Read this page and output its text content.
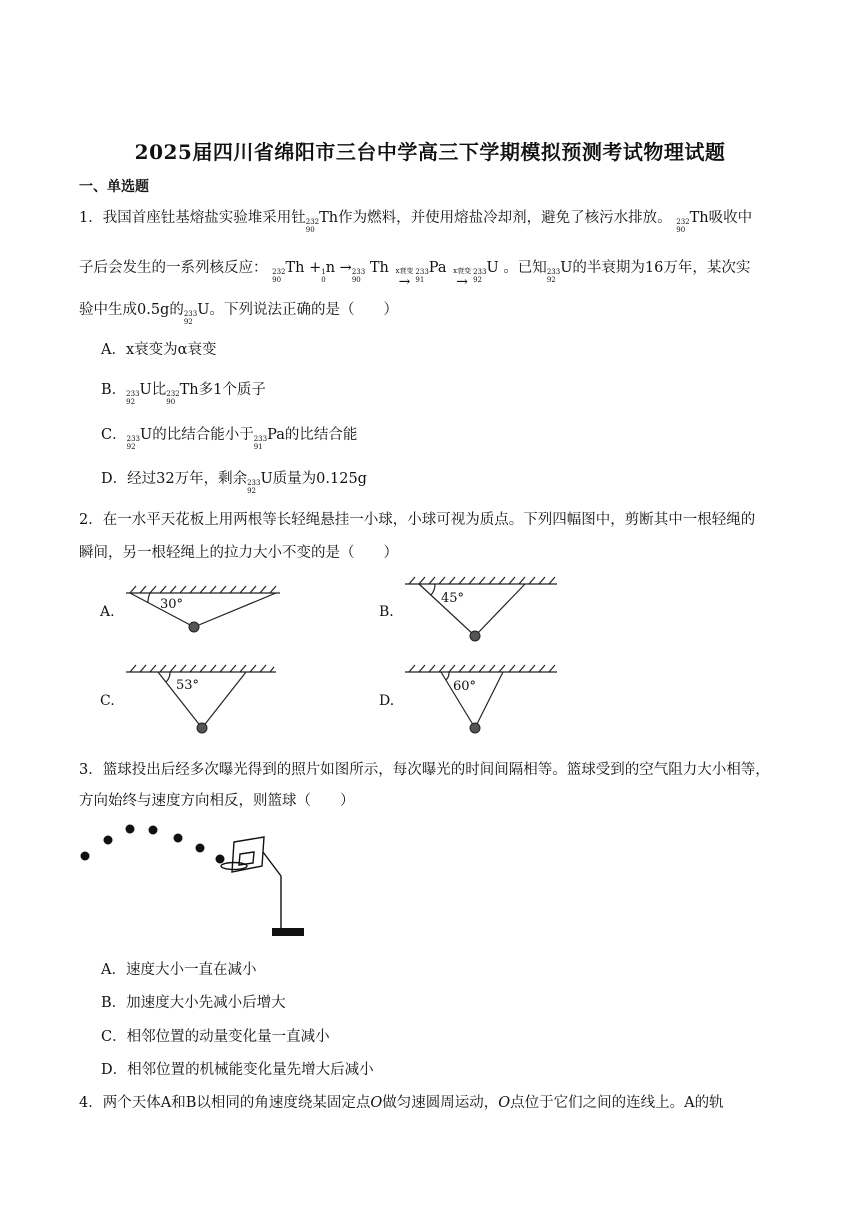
2025届四川省绵阳市三台中学高三下学期模拟预测考试物理试题
一、单选题
1．我国首座钍基熔盐实验堆采用钍 232
90
Th作为燃料，并使用熔盐冷却剂，避免了核污水排放。 232
90
Th吸收中
子后会发生的一系列核反应： 232
90
Th + 1
0
n → 233
90
Th x衰变
→
233
91
Pa x衰变
→
233
92
U 。已知 233
92
U的半衰期为16万年，某次实
验中生成0.5g的 233
92
U。下列说法正确的是（　　）
A．x衰变为α衰变
B． 233
92
U比 232
90
Th多1个质子
C． 233
92
U的比结合能小于 233
91
Pa的比结合能
D．经过32万年，剩余 233
92
U质量为0.125g
2．在一水平天花板上用两根等长轻绳悬挂一小球，小球可视为质点。下列四幅图中，剪断其中一根轻绳的
瞬间，另一根轻绳上的拉力大小不变的是（　　）
A.	30°	B.
45°
C.
53°
D.
60°
3．篮球投出后经多次曝光得到的照片如图所示，每次曝光的时间间隔相等。篮球受到的空气阻力大小相等，
方向始终与速度方向相反，则篮球（　　）
A．速度大小一直在减小
B．加速度大小先减小后增大
C．相邻位置的动量变化量一直减小
D．相邻位置的机械能变化量先增大后减小
4．两个天体A和B以相同的角速度绕某固定点O做匀速圆周运动，O点位于它们之间的连线上。A的轨
